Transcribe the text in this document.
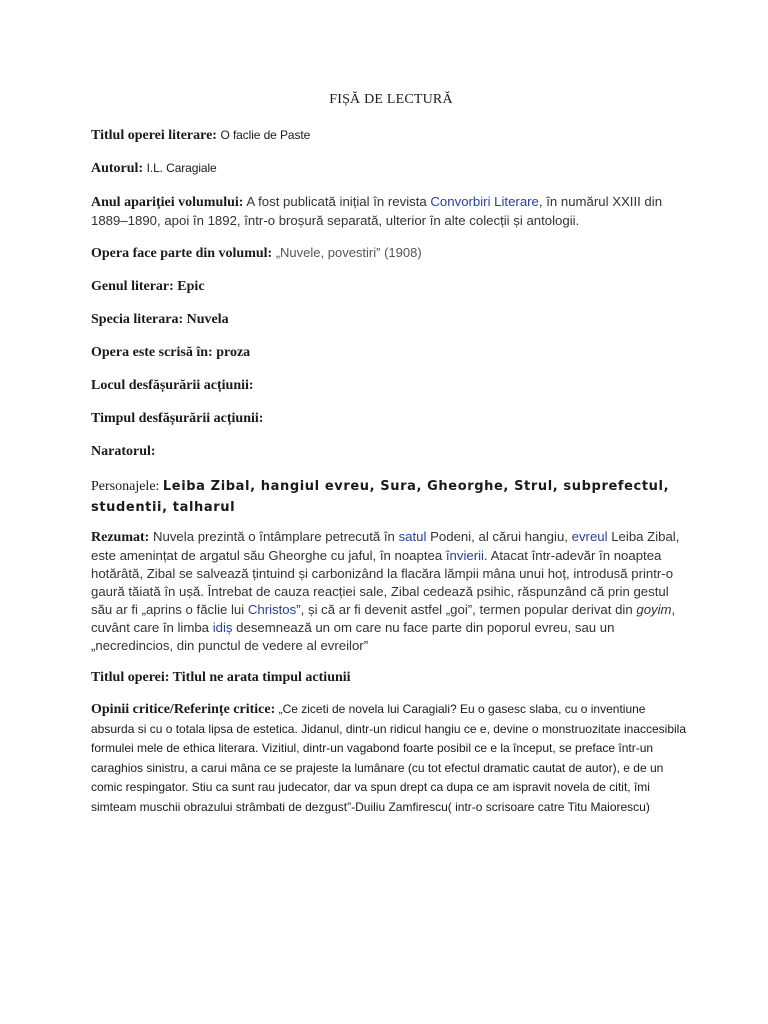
FIȘĂ DE LECTURĂ
Titlul operei literare: O faclie de Paste
Autorul: I.L. Caragiale
Anul apariției volumului: A fost publicată inițial în revista Convorbiri Literare, în numărul XXIII din 1889–1890, apoi în 1892, într-o broșură separată, ulterior în alte colecții și antologii.
Opera face parte din volumul: „Nuvele, povestiri” (1908)
Genul literar: Epic
Specia literara: Nuvela
Opera este scrisă în: proza
Locul desfășurării acțiunii:
Timpul desfășurării acțiunii:
Naratorul:
Personajele: Leiba Zibal, hangiul evreu, Sura, Gheorghe, Strul, subprefectul, studentii, talharul
Rezumat: Nuvela prezintă o întâmplare petrecută în satul Podeni, al cărui hangiu, evreul Leiba Zibal, este amenințat de argatul său Gheorghe cu jaful, în noaptea învierii. Atacat într-adevăr în noaptea hotărâtă, Zibal se salvează țintuind și carbonizând la flacăra lămpii mâna unui hoț, introdusă printr-o gaură tăiată în ușă. Întrebat de cauza reacției sale, Zibal cedează psihic, răspunzând că prin gestul său ar fi „aprins o făclie lui Christos”, și că ar fi devenit astfel „goi”, termen popular derivat din goyim, cuvânt care în limba idiș desemnează un om care nu face parte din poporul evreu, sau un „necredincios, din punctul de vedere al evreilor”
Titlul operei: Titlul ne arata timpul actiunii
Opinii critice/Referințe critice: „Ce ziceti de novela lui Caragiali? Eu o gasesc slaba, cu o inventiune absurda si cu o totala lipsa de estetica. Jidanul, dintr-un ridicul hangiu ce e, devine o monstruozitate inaccesibila formulei mele de ethica literara. Vizitiul, dintr-un vagabond foarte posibil ce e la început, se preface într-un caraghios sinistru, a carui mâna ce se prajeste la lumânare (cu tot efectul dramatic cautat de autor), e de un comic respingator. Stiu ca sunt rau judecator, dar va spun drept ca dupa ce am ispravit novela de citit, îmi simteam muschii obrazului strâmbati de dezgust”-Duiliu Zamfirescu( intr-o scrisoare catre Titu Maiorescu)
